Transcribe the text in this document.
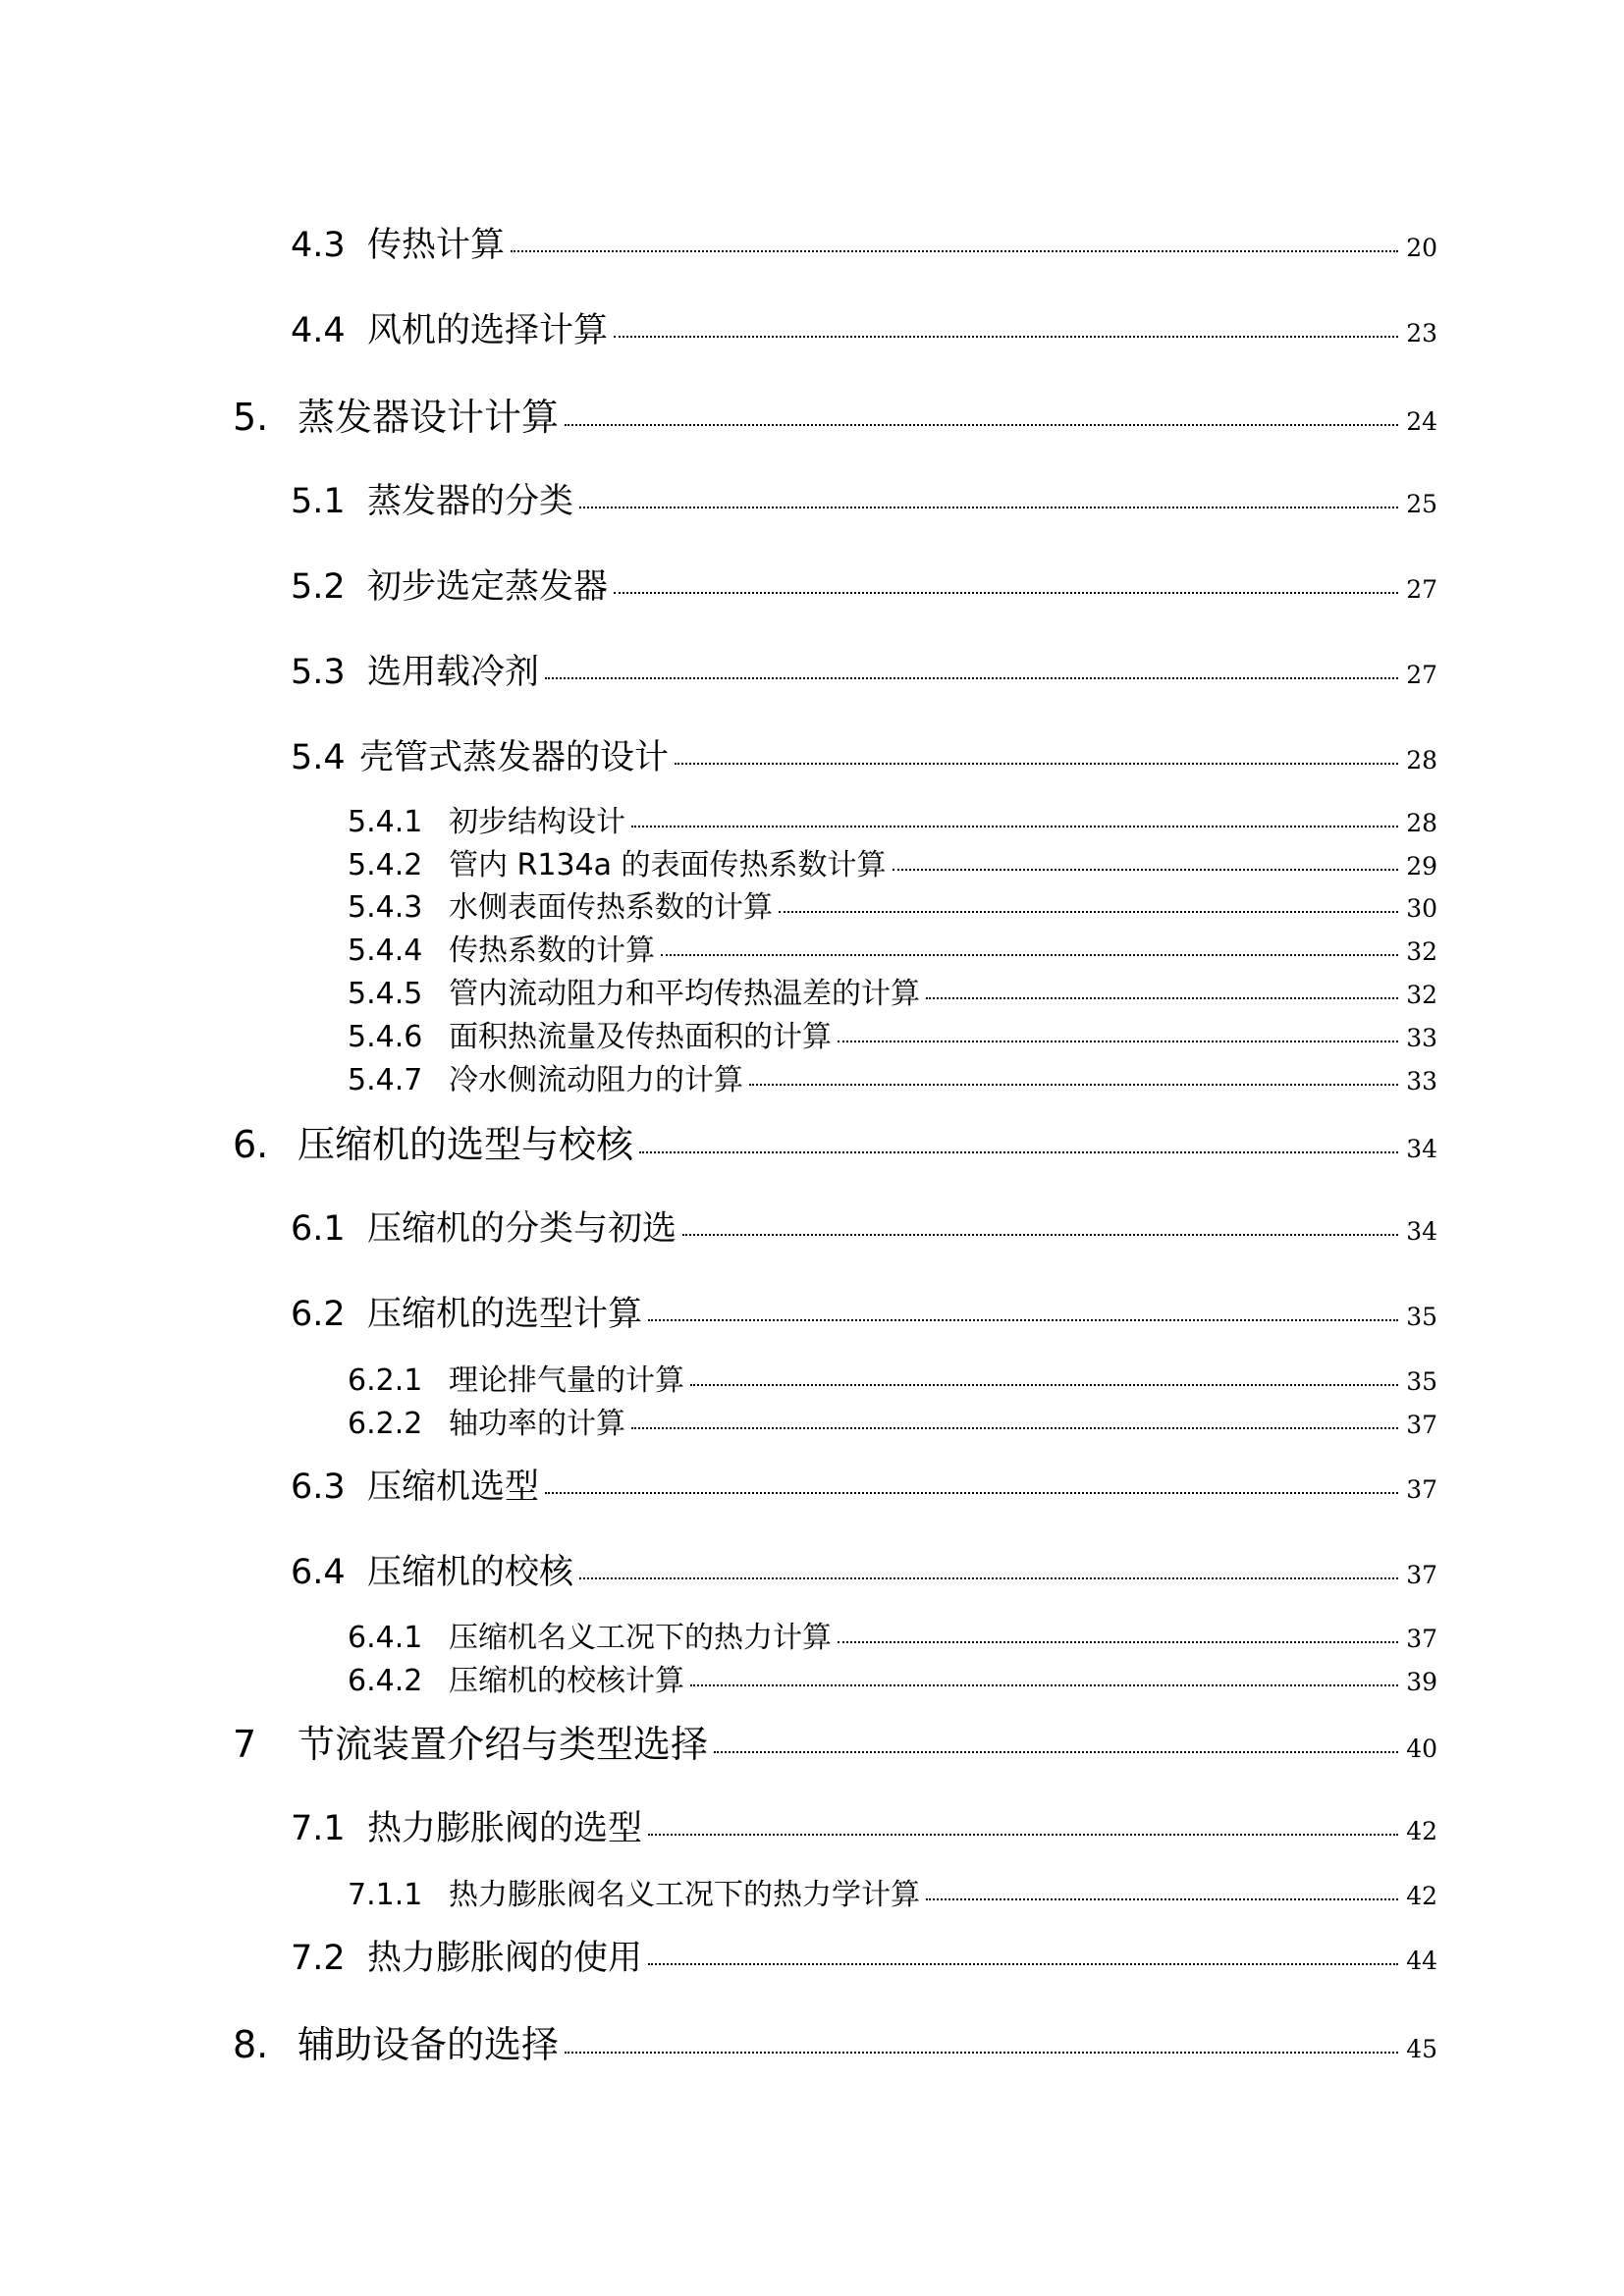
4.3 传热计算	20
4.4 风机的选择计算	23
5. 蒸发器设计计算	24
5.1 蒸发器的分类	25
5.2 初步选定蒸发器	27
5.3 选用载冷剂	27
5.4 壳管式蒸发器的设计	28
5.4.1 初步结构设计	28
5.4.2 管内 R134a 的表面传热系数计算	29
5.4.3 水侧表面传热系数的计算	30
5.4.4 传热系数的计算	32
5.4.5 管内流动阻力和平均传热温差的计算	32
5.4.6 面积热流量及传热面积的计算	33
5.4.7 冷水侧流动阻力的计算	33
6. 压缩机的选型与校核	34
6.1 压缩机的分类与初选	34
6.2 压缩机的选型计算	35
6.2.1 理论排气量的计算	35
6.2.2 轴功率的计算	37
6.3 压缩机选型	37
6.4 压缩机的校核	37
6.4.1 压缩机名义工况下的热力计算	37
6.4.2 压缩机的校核计算	39
7	节流装置介绍与类型选择	40
7.1 热力膨胀阀的选型	42
7.1.1 热力膨胀阀名义工况下的热力学计算	42
7.2 热力膨胀阀的使用	44
8. 辅助设备的选择	45
